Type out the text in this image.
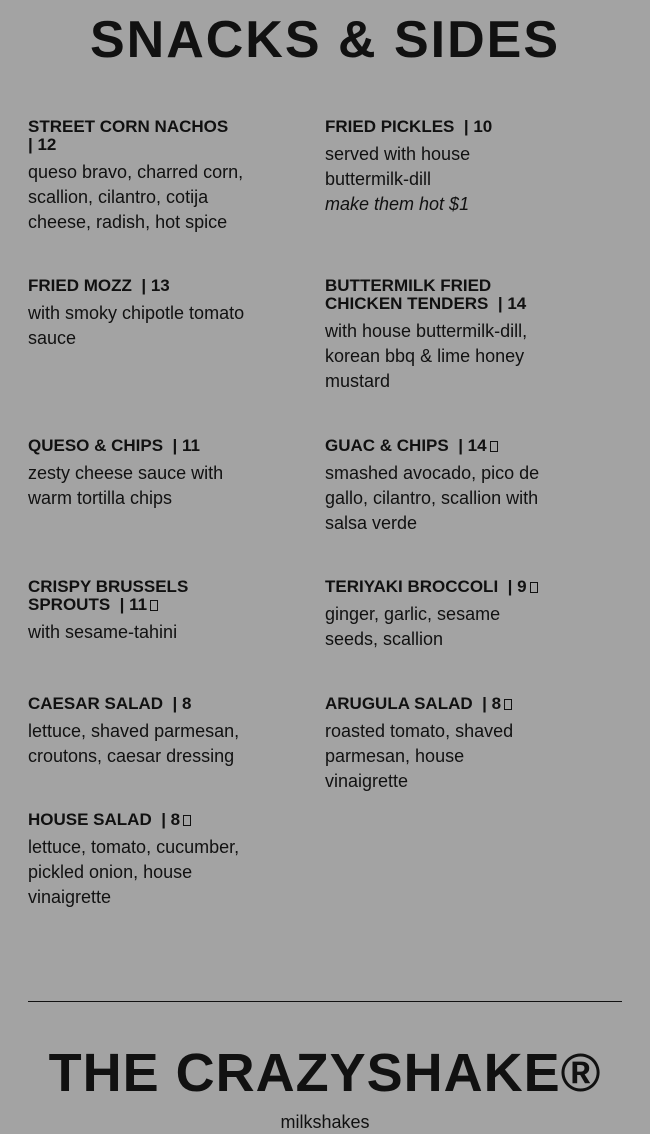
SNACKS & SIDES

STREET CORN NACHOS | 12

queso bravo, charred corn, scallion, cilantro, cotija cheese, radish, hot spice

FRIED PICKLES | 10

served with house buttermilk-dill

make them hot $1

FRIED MOZZ | 13

with smoky chipotle tomato sauce

BUTTERMILK FRIED CHICKEN TENDERS | 14

with house buttermilk-dill, korean bbq & lime honey mustard

QUESO & CHIPS | 11

zesty cheese sauce with warm tortilla chips

GUAC & CHIPS | 14

smashed avocado, pico de gallo, cilantro, scallion with salsa verde

CRISPY BRUSSELS SPROUTS | 11

with sesame-tahini

TERIYAKI BROCCOLI | 9

ginger, garlic, sesame seeds, scallion

CAESAR SALAD | 8

lettuce, shaved parmesan, croutons, caesar dressing

ARUGULA SALAD | 8

roasted tomato, shaved parmesan, house vinaigrette

HOUSE SALAD | 8

lettuce, tomato, cucumber, pickled onion, house vinaigrette

THE CRAZYSHAKE®
milkshakes
